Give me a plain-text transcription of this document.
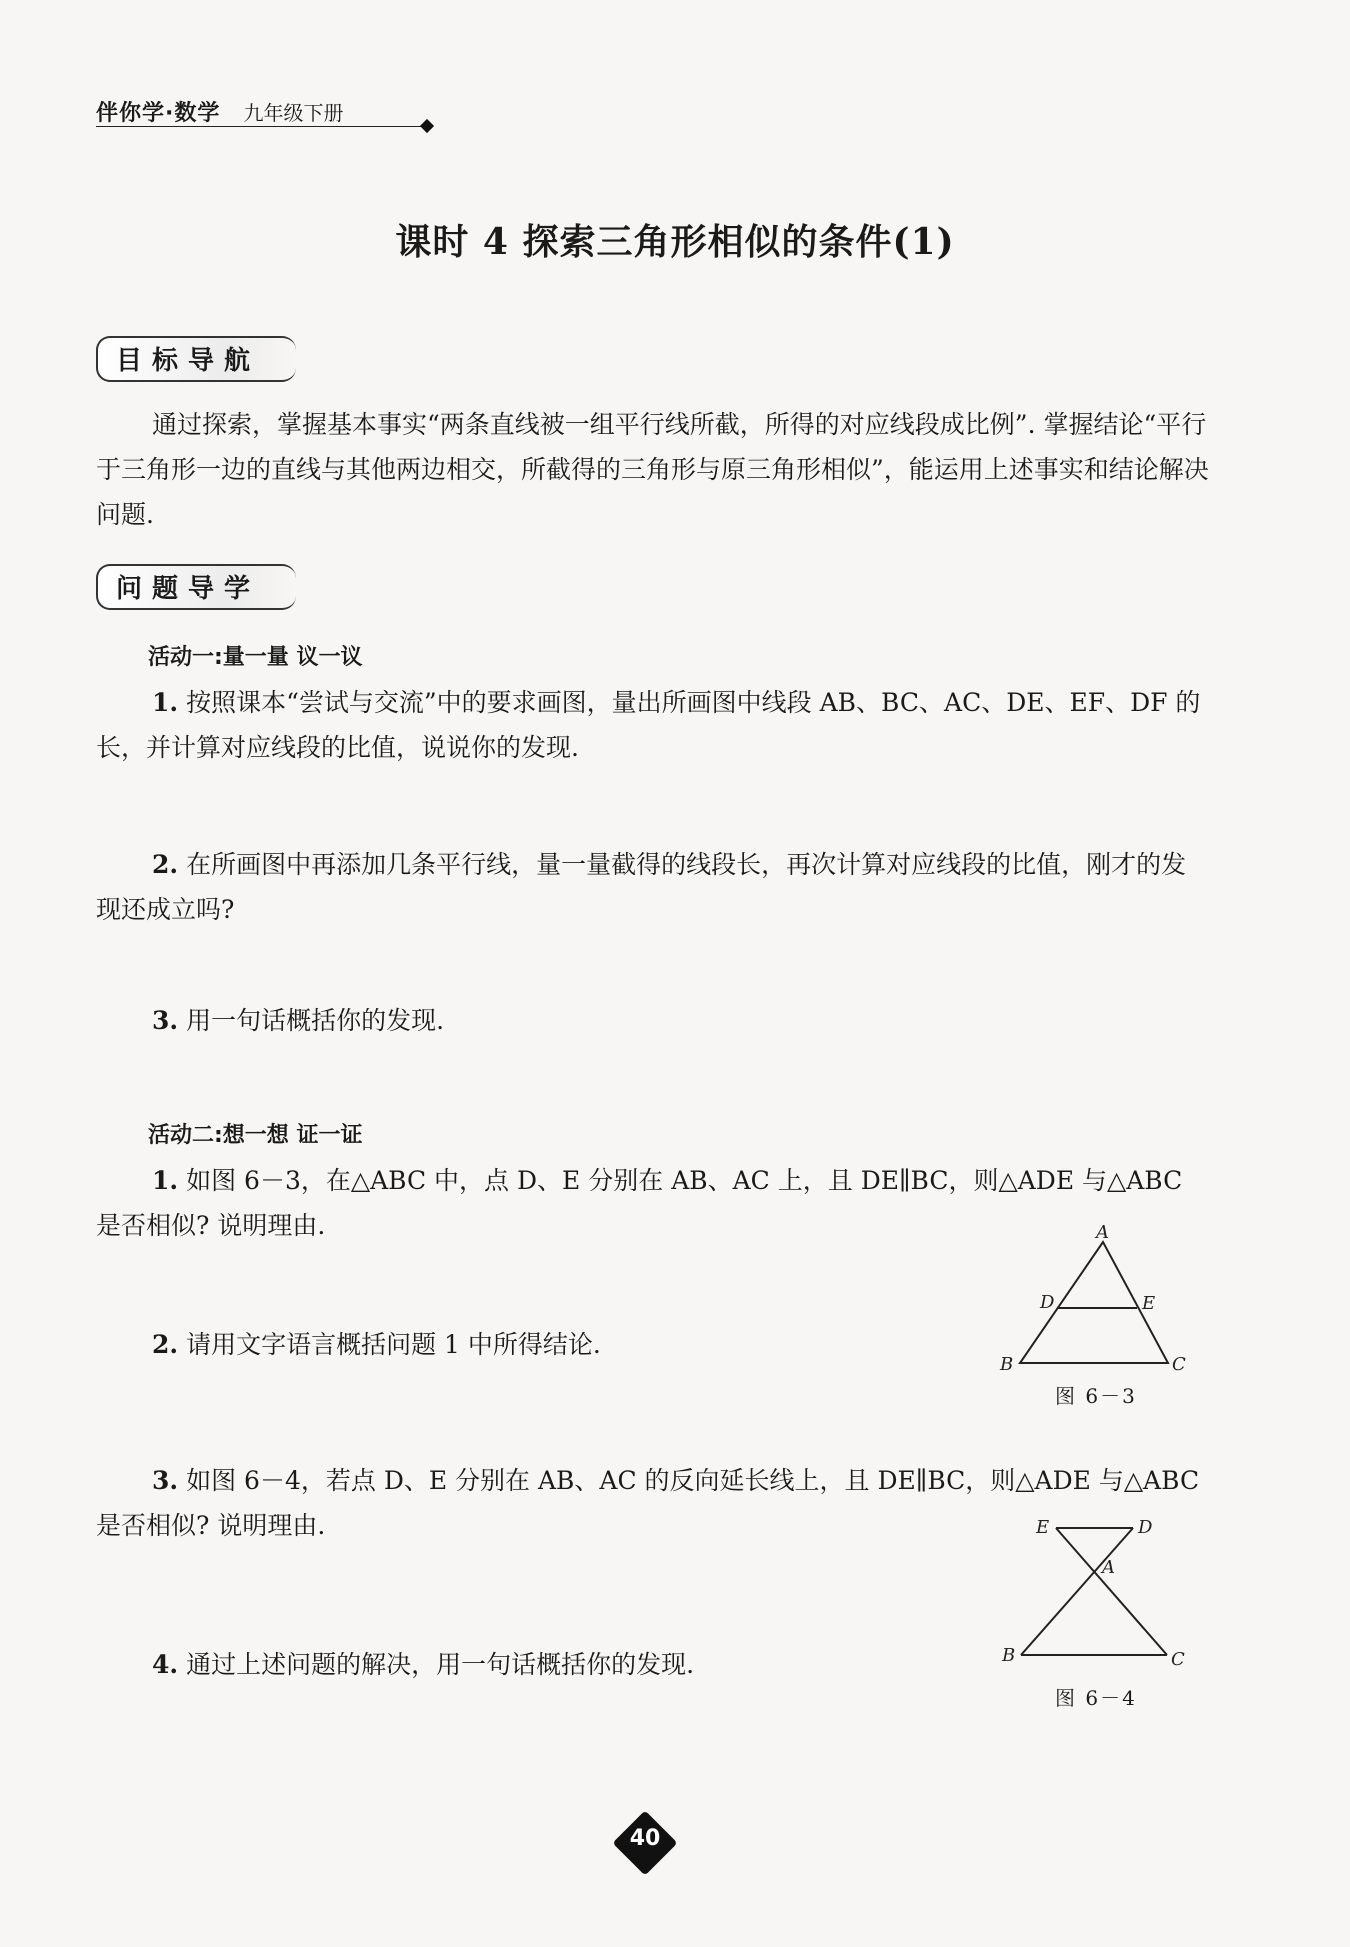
伴你学·数学 九年级下册
课时 4 探索三角形相似的条件(1)
目标导航
通过探索，掌握基本事实“两条直线被一组平行线所截，所得的对应线段成比例”. 掌握结论“平行于三角形一边的直线与其他两边相交，所截得的三角形与原三角形相似”，能运用上述事实和结论解决问题.
问题导学
活动一:量一量 议一议
1. 按照课本“尝试与交流”中的要求画图，量出所画图中线段 AB、BC、AC、DE、EF、DF 的长，并计算对应线段的比值，说说你的发现.
2. 在所画图中再添加几条平行线，量一量截得的线段长，再次计算对应线段的比值，刚才的发现还成立吗?
3. 用一句话概括你的发现.
活动二:想一想 证一证
1. 如图 6－3，在△ABC 中，点 D、E 分别在 AB、AC 上，且 DE∥BC，则△ADE 与△ABC 是否相似? 说明理由.
2. 请用文字语言概括问题 1 中所得结论.
3. 如图 6－4，若点 D、E 分别在 AB、AC 的反向延长线上，且 DE∥BC，则△ADE 与△ABC 是否相似? 说明理由.
4. 通过上述问题的解决，用一句话概括你的发现.
A
D	E
B	C
图 6－3
E	D
A
B	C
图 6－4
40
